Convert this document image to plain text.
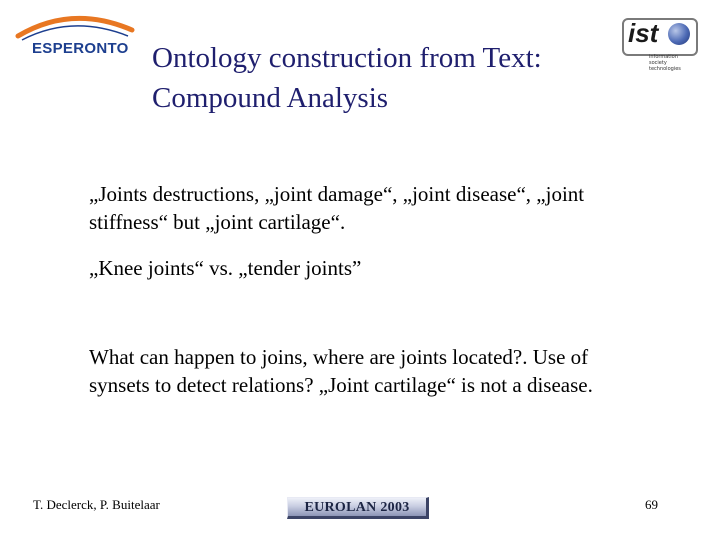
ESPERONTO
ist
information
society
technologies
Ontology construction from Text:
Compound Analysis

„Joints destructions, „joint damage“, „joint disease“, „joint stiffness“ but „joint cartilage“.

„Knee joints“ vs. „tender joints”

What can happen to joins, where are joints located?. Use of synsets to detect relations? „Joint cartilage“ is not a disease.

T. Declerck, P. Buitelaar	EUROLAN 2003	69
